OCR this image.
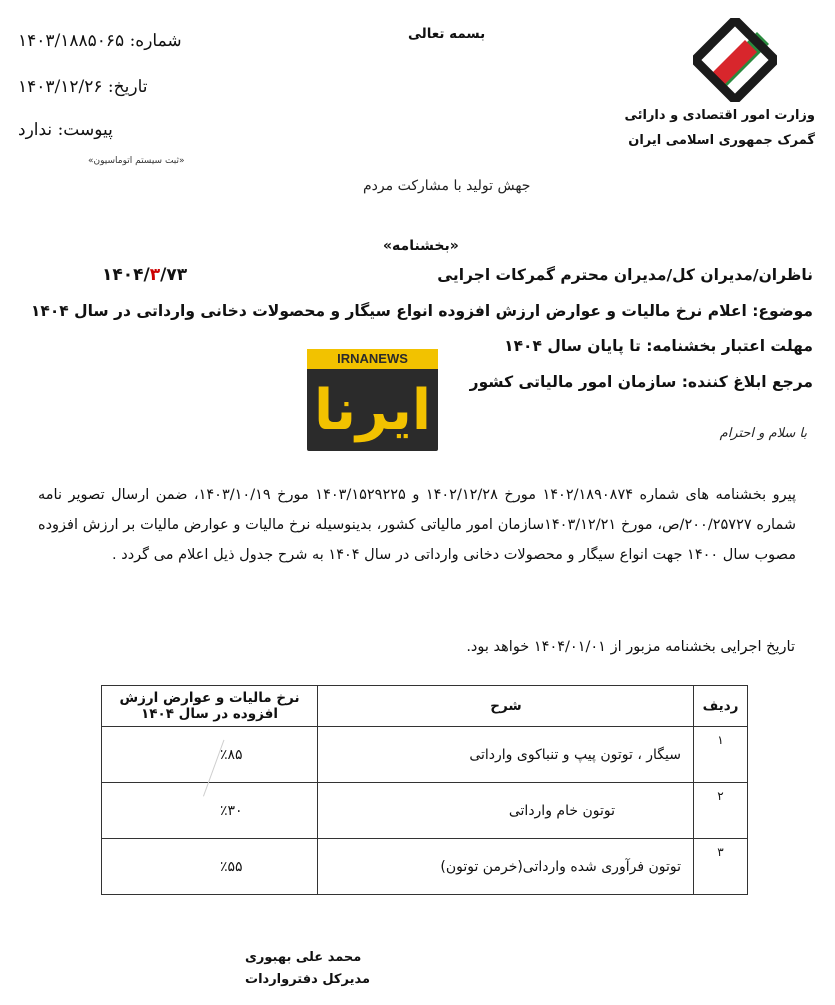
بسمه تعالی
شماره: ۱۴۰۳/۱۸۸۵۰۶۵
تاریخ: ۱۴۰۳/۱۲/۲۶
پیوست: ندارد
«ثبت سیستم اتوماسیون»
وزارت امور اقتصادی و دارائی
گمرک جمهوری اسلامی ایران
جهش تولید با مشارکت مردم
«بخشنامه»
ناظران/مدیران کل/مدیران محترم گمرکات اجرایی
۱۴۰۴/۳/۷۳
موضوع: اعلام نرخ مالیات و عوارض ارزش افزوده انواع سیگار و محصولات دخانی وارداتی در سال ۱۴۰۴
مهلت اعتبار بخشنامه: تا پایان سال ۱۴۰۴
مرجع ابلاغ کننده: سازمان امور مالیاتی کشور
IRNANEWS
ایرنا	با سلام و احترام
پیرو بخشنامه های شماره ۱۴۰۲/۱۸۹۰۸۷۴ مورخ ۱۴۰۲/۱۲/۲۸ و ۱۴۰۳/۱۵۲۹۲۲۵ مورخ ۱۴۰۳/۱۰/۱۹، ضمن ارسال تصویر نامه شماره ۲۰۰/۲۵۷۲۷/ص، مورخ ۱۴۰۳/۱۲/۲۱سازمان امور مالیاتی کشور، بدینوسیله نرخ مالیات و عوارض مالیات بر ارزش افزوده مصوب سال ۱۴۰۰ جهت انواع سیگار و محصولات دخانی وارداتی در سال ۱۴۰۴ به شرح جدول ذیل اعلام می گردد .
تاریخ اجرایی بخشنامه مزبور از ۱۴۰۴/۰۱/۰۱ خواهد بود.
ردیف	شرح	نرخ مالیات و عوارض ارزش افزوده در سال ۱۴۰۴
۱	سیگار ، توتون پیپ و تنباکوی وارداتی	٪۸۵
۲	توتون خام وارداتی	٪۳۰
۳	توتون فرآوری شده وارداتی(خرمن توتون)	٪۵۵
محمد علی بهبوری
مدیرکل دفترواردات
